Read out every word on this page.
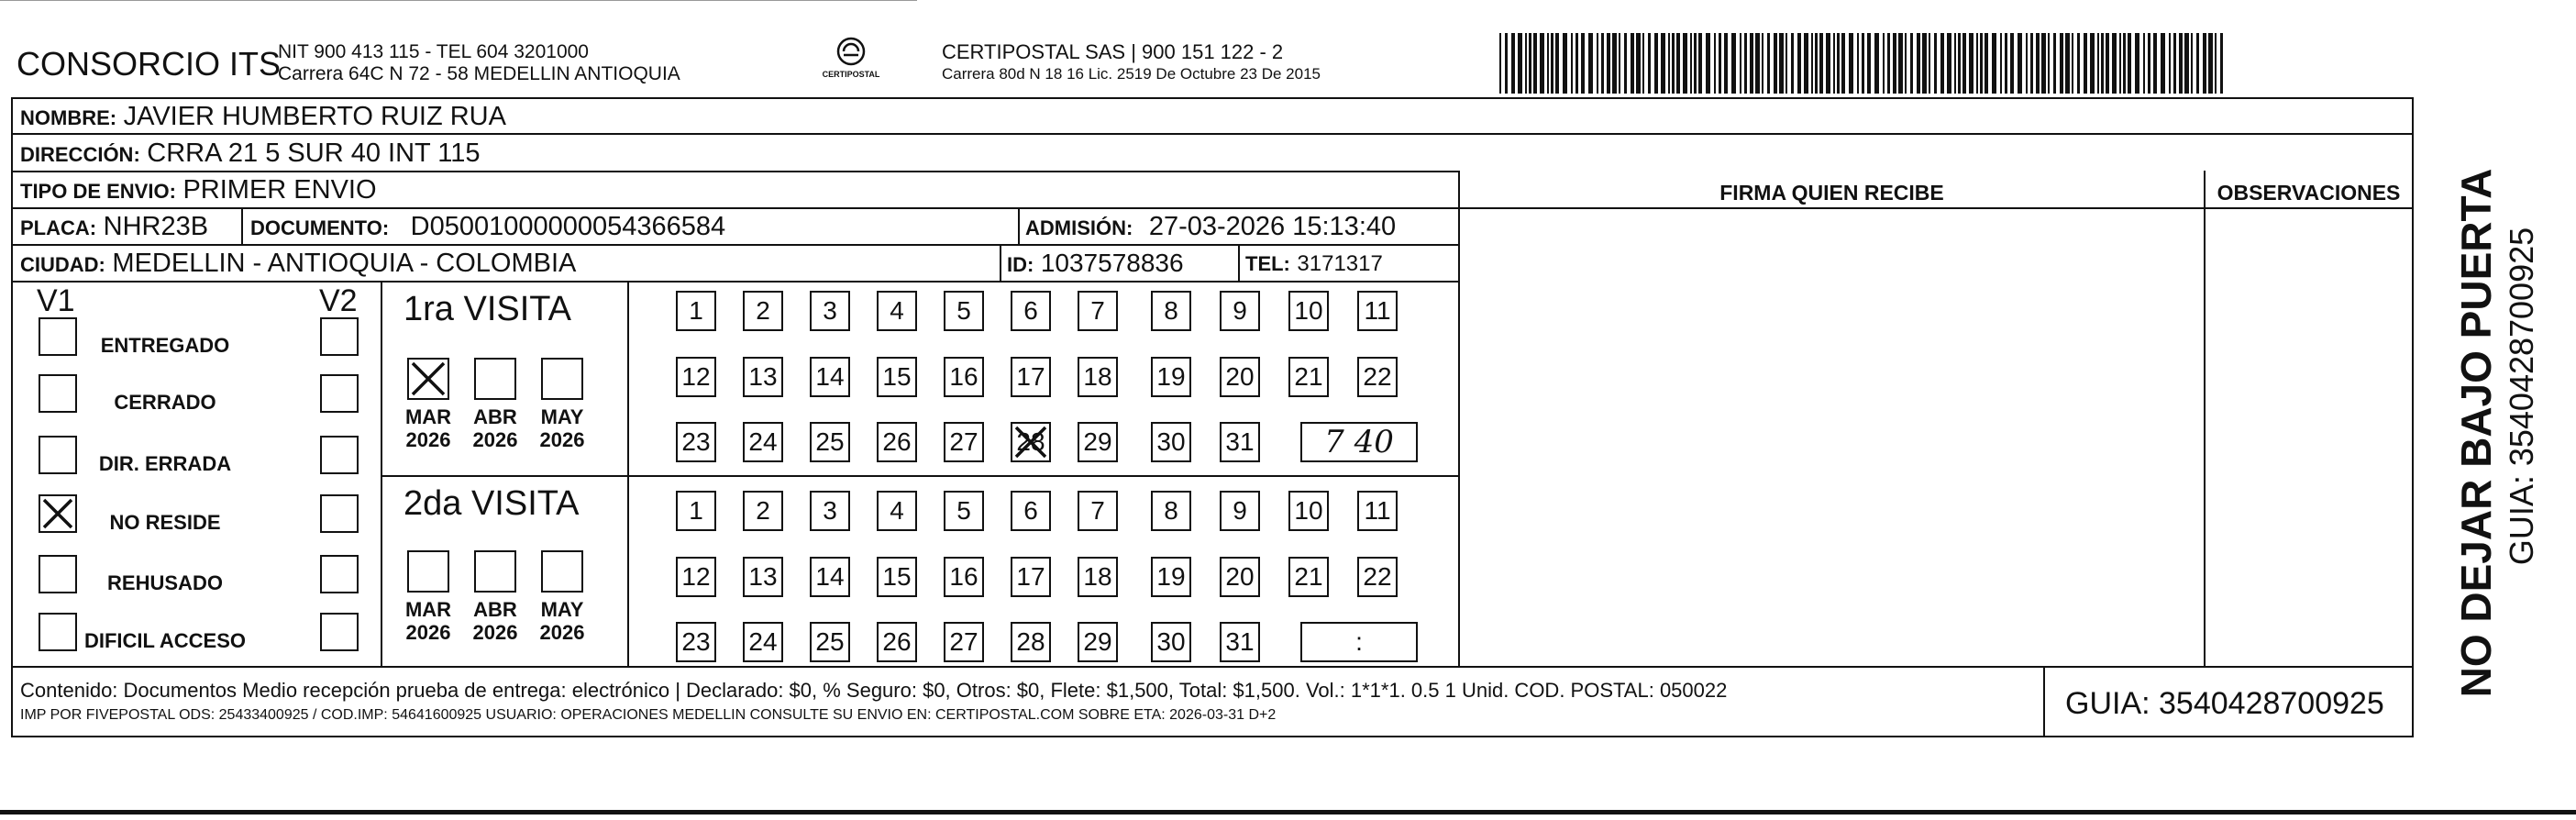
CONSORCIO ITS
NIT 900 413 115 - TEL 604 3201000
Carrera 64C N 72 - 58 MEDELLIN ANTIOQUIA	CERTIPOSTAL
CERTIPOSTAL SAS | 900 151 122 - 2
Carrera 80d N 18 16 Lic. 2519 De Octubre 23 De 2015
NOMBRE: JAVIER HUMBERTO RUIZ RUA
DIRECCIÓN: CRRA 21 5 SUR 40 INT 115
TIPO DE ENVIO: PRIMER ENVIO
PLACA: NHR23B DOCUMENTO: D05001000000054366584	ADMISIÓN: 27-03-2026 15:13:40
CIUDAD: MEDELLIN - ANTIOQUIA - COLOMBIA	ID: 1037578836	TEL: 3171317
FIRMA QUIEN RECIBE	OBSERVACIONES
V1	V2
ENTREGADO
CERRADO
DIR. ERRADA
NO RESIDE
REHUSADO
DIFICIL ACCESO
1ra VISITA
MAR
2026
ABR
2026
MAY
2026
1	2	3	4	5	6	7	8	9	10 11
12 13 14 15 16 17 18 19 20 21 22
23 24 25 26 27 28 29 30 31	7 40
2da VISITA
MAR
2026
ABR
2026
MAY
2026
1	2	3	4	5	6	7	8	9	10 11
12 13 14 15 16 17 18 19 20 21 22
23 24 25 26 27 28 29 30 31	:
Contenido: Documentos Medio recepción prueba de entrega: electrónico | Declarado: $0, % Seguro: $0, Otros: $0, Flete: $1,500, Total: $1,500. Vol.: 1*1*1. 0.5 1 Unid. COD. POSTAL: 050022
IMP POR FIVEPOSTAL ODS: 25433400925 / COD.IMP: 54641600925 USUARIO: OPERACIONES MEDELLIN CONSULTE SU ENVIO EN: CERTIPOSTAL.COM SOBRE ETA: 2026-03-31 D+2	GUIA: 3540428700925
NO DEJAR BAJO PUERTA GUIA: 3540428700925
